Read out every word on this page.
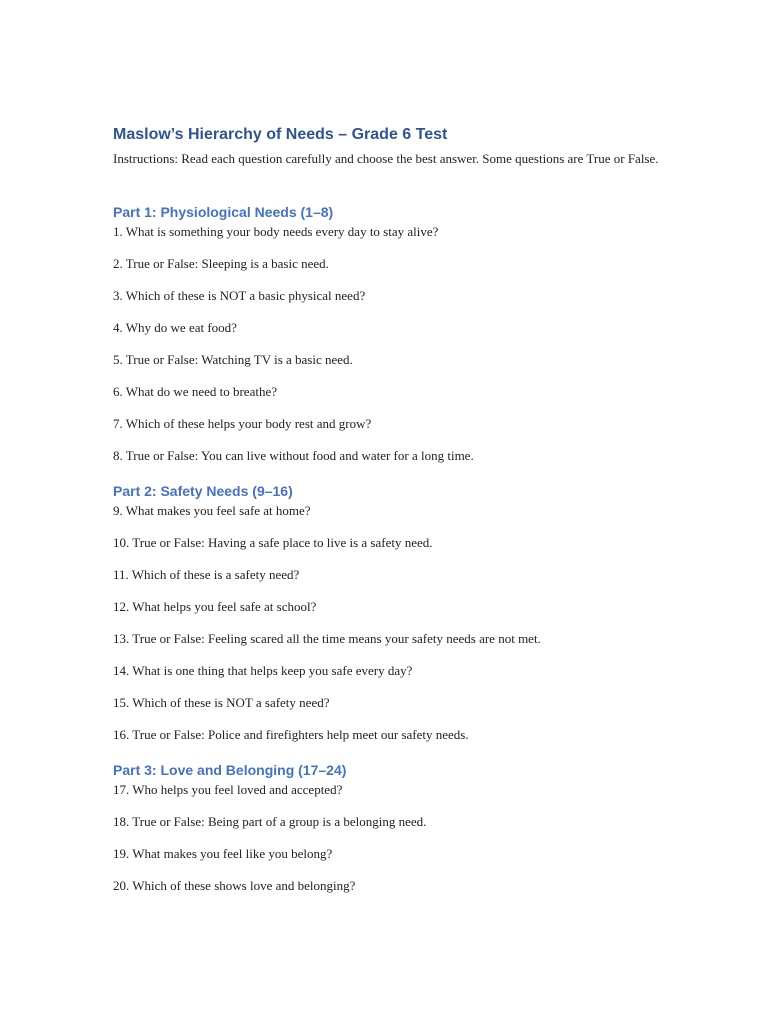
Maslow’s Hierarchy of Needs – Grade 6 Test

Instructions: Read each question carefully and choose the best answer. Some questions are True or False.

Part 1: Physiological Needs (1–8)

1. What is something your body needs every day to stay alive?

2. True or False: Sleeping is a basic need.

3. Which of these is NOT a basic physical need?

4. Why do we eat food?

5. True or False: Watching TV is a basic need.

6. What do we need to breathe?

7. Which of these helps your body rest and grow?

8. True or False: You can live without food and water for a long time.

Part 2: Safety Needs (9–16)

9. What makes you feel safe at home?

10. True or False: Having a safe place to live is a safety need.

11. Which of these is a safety need?

12. What helps you feel safe at school?

13. True or False: Feeling scared all the time means your safety needs are not met.

14. What is one thing that helps keep you safe every day?

15. Which of these is NOT a safety need?

16. True or False: Police and firefighters help meet our safety needs.

Part 3: Love and Belonging (17–24)

17. Who helps you feel loved and accepted?

18. True or False: Being part of a group is a belonging need.

19. What makes you feel like you belong?

20. Which of these shows love and belonging?
